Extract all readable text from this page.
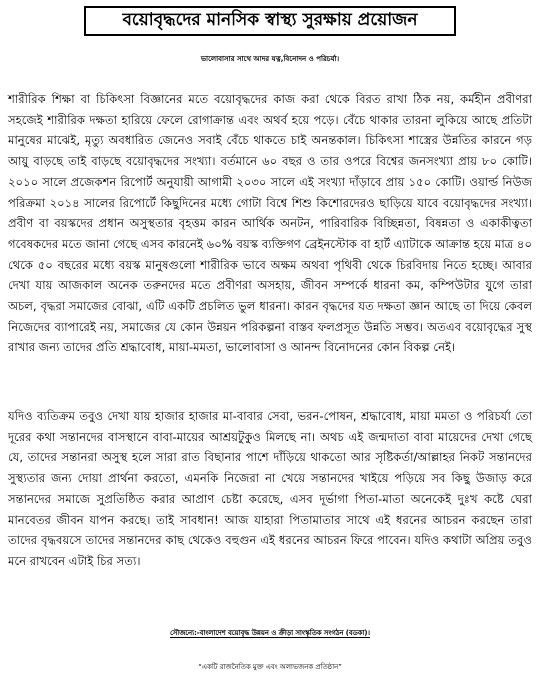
বয়োবৃদ্ধদের মানসিক স্বাস্থ্য সুরক্ষায় প্রয়োজন
ভালোবাসার সাথে আদর যত্ন,বিনোদন ও পরিচর্যা।

শারীরিক শিক্ষা বা চিকিৎসা বিজ্ঞানের মতে বয়োবৃদ্ধদের কাজ করা থেকে বিরত রাখা ঠিক নয়, কর্মহীন প্রবীণরা সহজেই শারীরিক দক্ষতা হারিয়ে ফেলে রোগাক্রান্ত এবং অথর্ব হয়ে পড়ে। বেঁচে থাকার তারনা লুকিয়ে আছে প্রতিটা মানুষের মাঝেই, মৃত্যু অবধারিত জেনেও সবাই বেঁচে থাকতে চাই অনন্তকাল। চিকিৎসা শাস্ত্রের উন্নতির কারনে গড় আয়ু বাড়ছে তাই বাড়ছে বয়োবৃদ্ধদের সংখ্যা। বর্তমানে ৬০ বছর ও তার ওপরে বিশ্বের জনসংখ্যা প্রায় ৮০ কোটি। ২০১০ সালে প্রজেকশন রিপোর্ট অনুযায়ী আগামী ২০৩০ সালে এই সংখ্যা দাঁড়াবে প্রায় ১৫০ কোটি। ওয়ার্ল্ড নিউজ পরিক্রমা ২০১৪ সালের রিপোর্টে কিছুদিনের মধ্যে গোটা বিশ্বে শিশু কিশোরদেরও ছাড়িয়ে যাবে বয়োবৃদ্ধদের সংখ্যা। প্রবীণ বা বয়স্কদের প্রধান অসুস্থতার বৃহত্তম কারন আর্থিক অনটন, পারিবারিক বিচ্ছিন্নতা, বিষন্নতা ও একাকীত্বতা গবেষকদের মতে জানা গেছে এসব কারনেই ৬০% বয়স্ক ব্যক্তিগণ ব্রেইনস্টোক বা হার্ট এ্যাটাকে আক্রান্ত হয়ে মাত্র ৪০ থেকে ৫০ বছরের মধ্যে বয়স্ক মানুষগুলো শারীরিক ভাবে অক্ষম অথবা পৃথিবী থেকে চিরবিদায় নিতে হচ্ছে। আবার দেখা যায় আজকাল অনেক তরুনদের মতে প্রবীণরা অসহায়, জীবন সম্পর্কে ধারনা কম, কম্পিউটার যুগে তারা অচল, বৃদ্ধরা সমাজের বোঝা, এটি একটি প্রচলিত ভুল ধারনা। কারন বৃদ্ধদের যত দক্ষতা জ্ঞান আছে তা দিয়ে কেবল নিজেদের ব্যাপারেই নয়, সমাজের যে কোন উন্নয়ন পরিকল্পনা বাস্তব ফলপ্রসূত উন্নতি সম্ভব। অতএব বয়োবৃদ্ধের সুস্থ রাখার জন্য তাদের প্রতি শ্রদ্ধাবোধ, মায়া-মমতা, ভালোবাসা ও আনন্দ বিনোদনের কোন বিকল্প নেই।

যদিও ব্যতিক্রম তবুও দেখা যায় হাজার হাজার মা-বাবার সেবা, ভরন-পোষন, শ্রদ্ধাবোধ, মায়া মমতা ও পরিচর্যা তো দূরের কথা সন্তানদের বাসস্থানে বাবা-মায়ের আশ্রয়টুকুও মিলছে না। অথচ এই জন্মদাতা বাবা মায়েদের দেখা গেছে যে, তাদের সন্তানরা অসুস্থ হলে সারা রাত বিছানার পাশে দাঁড়িয়ে থাকতো আর সৃষ্টিকর্তা/আল্লাহর নিকট সন্তানদের সুস্থ্যতার জন্য দোয়া প্রার্থনা করতো, এমনকি নিজেরা না খেয়ে সন্তানদের খাইয়ে পড়িয়ে সব কিছু উজাড় করে সন্তানদের সমাজে সুপ্রতিষ্ঠিত করার আপ্রাণ চেষ্টা করেছে, এসব দূর্ভাগা পিতা-মাতা অনেকেই দুঃখ কষ্টে ঘেরা মানবেতর জীবন যাপন করছে। তাই সাবধান! আজ যাহারা পিতামাতার সাথে এই ধরনের আচরন করছেন তারা তাদের বৃদ্ধবয়সে তাদের সন্তানদের কাছ থেকেও বহুগুন এই ধরনের আচরন ফিরে পাবেন। যদিও কথাটা অপ্রিয় তবুও মনে রাখবেন এটাই চির সত্য।

সৌজন্যে:-বাংলাদেশ বয়োবৃদ্ধ উন্নয়ন ও ক্রীড়া সাংস্কৃতিক সংগঠন (বডকা)।
“একটি রাজনৈতিক মুক্ত এবং অলাভজনক প্রতিষ্ঠান”
